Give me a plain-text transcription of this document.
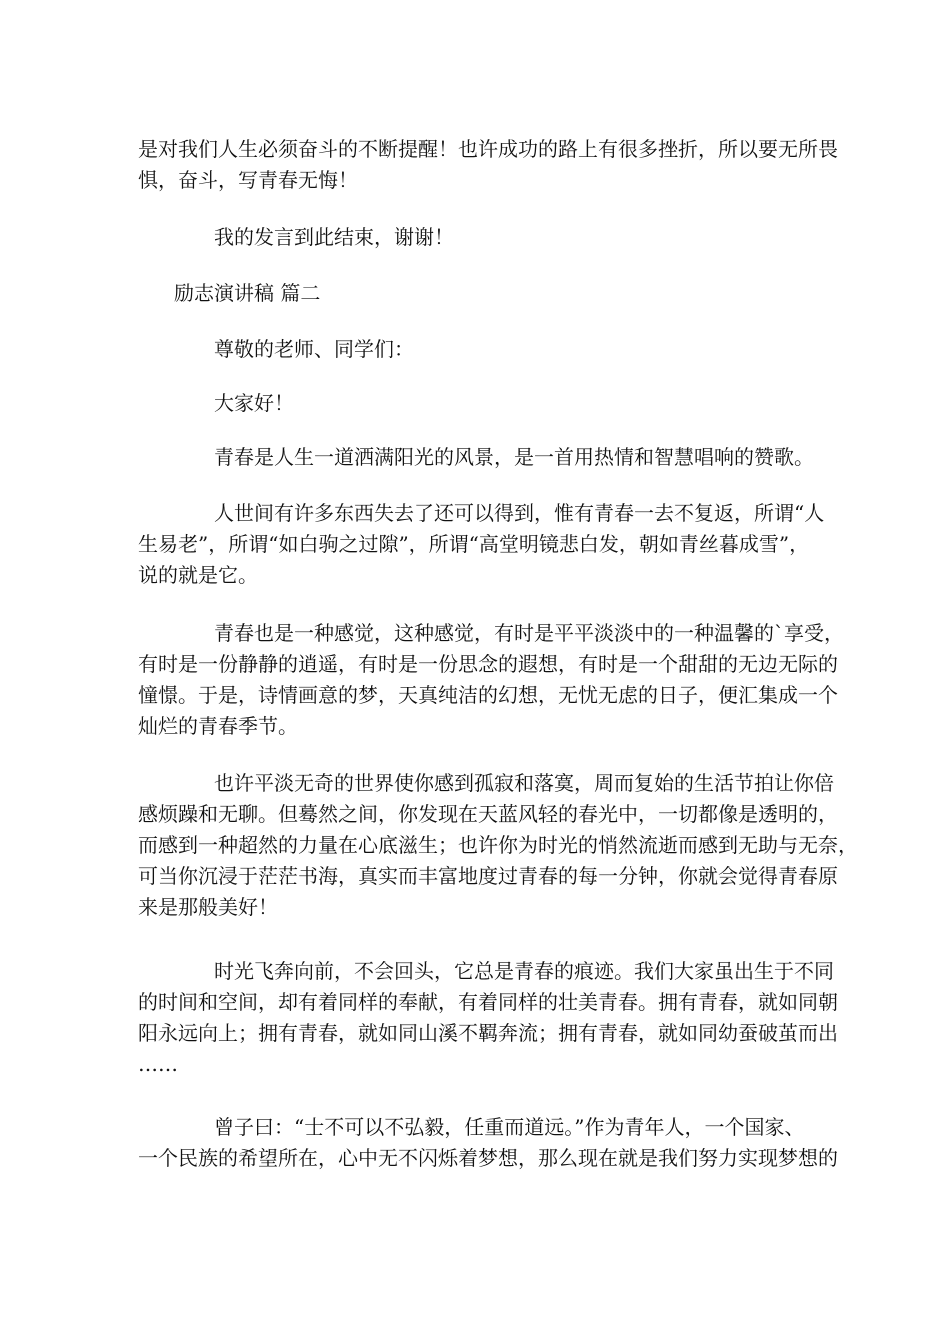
是对我们人生必须奋斗的不断提醒！也许成功的路上有很多挫折，所以要无所畏
惧，奋斗，写青春无悔！
我的发言到此结束，谢谢！
励志演讲稿 篇二
尊敬的老师、同学们：
大家好！
青春是人生一道洒满阳光的风景，是一首用热情和智慧唱响的赞歌。
人世间有许多东西失去了还可以得到，惟有青春一去不复返，所谓“人
生易老”，所谓“如白驹之过隙”，所谓“高堂明镜悲白发，朝如青丝暮成雪”，
说的就是它。
青春也是一种感觉，这种感觉，有时是平平淡淡中的一种温馨的`享受，
有时是一份静静的逍遥，有时是一份思念的遐想，有时是一个甜甜的无边无际的
憧憬。于是，诗情画意的梦，天真纯洁的幻想，无忧无虑的日子，便汇集成一个
灿烂的青春季节。
也许平淡无奇的世界使你感到孤寂和落寞，周而复始的生活节拍让你倍
感烦躁和无聊。但蓦然之间，你发现在天蓝风轻的春光中，一切都像是透明的，
而感到一种超然的力量在心底滋生；也许你为时光的悄然流逝而感到无助与无奈，
可当你沉浸于茫茫书海，真实而丰富地度过青春的每一分钟，你就会觉得青春原
来是那般美好！
时光飞奔向前，不会回头，它总是青春的痕迹。我们大家虽出生于不同
的时间和空间，却有着同样的奉献，有着同样的壮美青春。拥有青春，就如同朝
阳永远向上；拥有青春，就如同山溪不羁奔流；拥有青春，就如同幼蚕破茧而出
……
曾子曰：“士不可以不弘毅，任重而道远。”作为青年人，一个国家、
一个民族的希望所在，心中无不闪烁着梦想，那么现在就是我们努力实现梦想的
